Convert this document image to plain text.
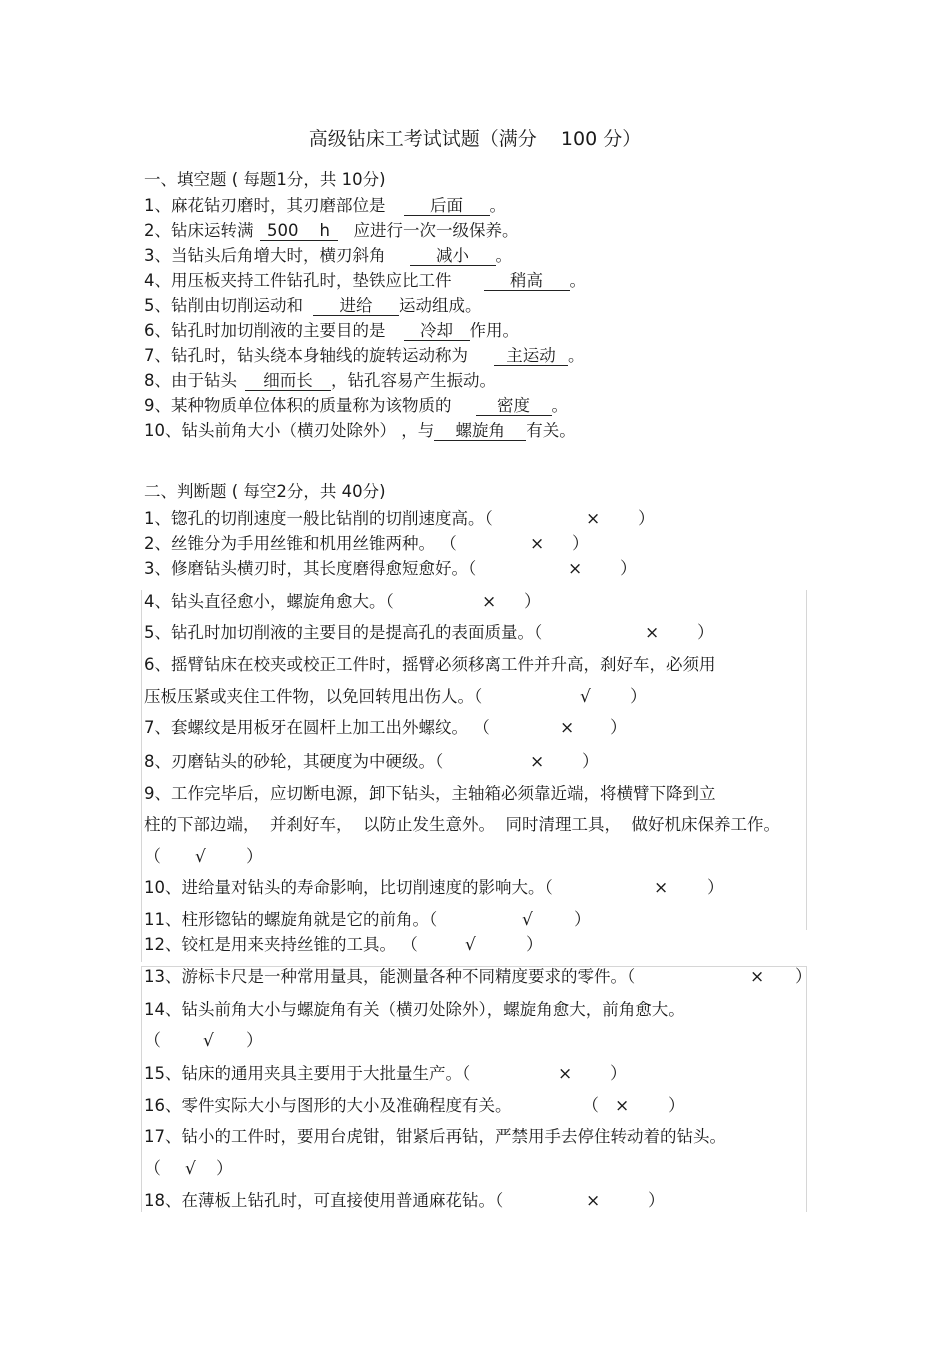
高级钻床工考试试题（满分    100 分）
一、填空题 ( 每题1分，共 10分)
1、麻花钻刃磨时，其刃磨部位是	后面 。
2、钻床运转满 500    h 应进行一次一级保养。
3、当钻头后角增大时，横刃斜角	减小 。
4、用压板夹持工件钻孔时，垫铁应比工件	稍高 。
5、钻削由切削运动和 进给 运动组成。
6、钻孔时加切削液的主要目的是 冷却 作用。
7、钻孔时，钻头绕本身轴线的旋转运动称为 主运动 。
8、由于钻头 细而长 ，钻孔容易产生振动。
9、某种物质单位体积的质量称为该物质的	密度 。
10、钻头前角大小（横刃处除外） ，与 螺旋角 有关。
二、判断题 ( 每空2分，共 40分)
1、锪孔的切削速度一般比钻削的切削速度高。（	× ）
2、丝锥分为手用丝锥和机用丝锥两种。 （	× ）
3、修磨钻头横刃时，其长度磨得愈短愈好。（	× ）
4、钻头直径愈小，螺旋角愈大。（	× ）
5、钻孔时加切削液的主要目的是提高孔的表面质量。（	× ）
6、摇臂钻床在校夹或校正工件时，摇臂必须移离工件并升高，刹好车，必须用
压板压紧或夹住工件物，以免回转甩出伤人。（	√ ）
7、套螺纹是用板牙在圆杆上加工出外螺纹。 （	× ）
8、刃磨钻头的砂轮，其硬度为中硬级。（	× ）
9、工作完毕后，应切断电源，卸下钻头，主轴箱必须靠近端，将横臂下降到立
柱的下部边端，  并刹好车，  以防止发生意外。  同时清理工具，  做好机床保养工作。
（ √ ）
10、进给量对钻头的寿命影响，比切削速度的影响大。（	× ）
11、柱形锪钻的螺旋角就是它的前角。（	√ ）
12、铰杠是用来夹持丝锥的工具。 （	√	）
13、游标卡尺是一种常用量具，能测量各种不同精度要求的零件。（	× ）
14、钻头前角大小与螺旋角有关（横刃处除外），螺旋角愈大，前角愈大。
（ √ ）
15、钻床的通用夹具主要用于大批量生产。（	× ）
16、零件实际大小与图形的大小及准确程度有关。	（ × ）
17、钻小的工件时，要用台虎钳，钳紧后再钻，严禁用手去停住转动着的钻头。
（ √ ）
18、在薄板上钻孔时，可直接使用普通麻花钻。（	×	）
